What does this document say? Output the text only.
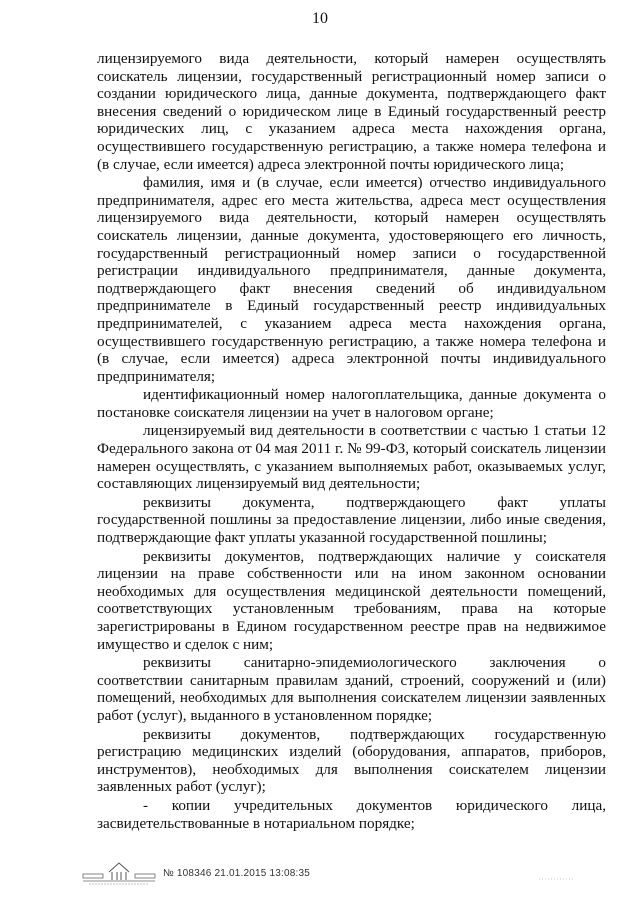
10

лицензируемого вида деятельности, который намерен осуществлять соискатель лицензии, государственный регистрационный номер записи о создании юридического лица, данные документа, подтверждающего факт внесения сведений о юридическом лице в Единый государственный реестр юридических лиц, с указанием адреса места нахождения органа, осуществившего государственную регистрацию, а также номера телефона и (в случае, если имеется) адреса электронной почты юридического лица;

фамилия, имя и (в случае, если имеется) отчество индивидуального предпринимателя, адрес его места жительства, адреса мест осуществления лицензируемого вида деятельности, который намерен осуществлять соискатель лицензии, данные документа, удостоверяющего его личность, государственный регистрационный номер записи о государственной регистрации индивидуального предпринимателя, данные документа, подтверждающего факт внесения сведений об индивидуальном предпринимателе в Единый государственный реестр индивидуальных предпринимателей, с указанием адреса места нахождения органа, осуществившего государственную регистрацию, а также номера телефона и (в случае, если имеется) адреса электронной почты индивидуального предпринимателя;

идентификационный номер налогоплательщика, данные документа о постановке соискателя лицензии на учет в налоговом органе;

лицензируемый вид деятельности в соответствии с частью 1 статьи 12 Федерального закона от 04 мая 2011 г. № 99-ФЗ, который соискатель лицензии намерен осуществлять, с указанием выполняемых работ, оказываемых услуг, составляющих лицензируемый вид деятельности;

реквизиты документа, подтверждающего факт уплаты государственной пошлины за предоставление лицензии, либо иные сведения, подтверждающие факт уплаты указанной государственной пошлины;

реквизиты документов, подтверждающих наличие у соискателя лицензии на праве собственности или на ином законном основании необходимых для осуществления медицинской деятельности помещений, соответствующих установленным требованиям, права на которые зарегистрированы в Едином государственном реестре прав на недвижимое имущество и сделок с ним;

реквизиты санитарно-эпидемиологического заключения о соответствии санитарным правилам зданий, строений, сооружений и (или) помещений, необходимых для выполнения соискателем лицензии заявленных работ (услуг), выданного в установленном порядке;

реквизиты документов, подтверждающих государственную регистрацию медицинских изделий (оборудования, аппаратов, приборов, инструментов), необходимых для выполнения соискателем лицензии заявленных работ (услуг);

- копии учредительных документов юридического лица, засвидетельствованные в нотариальном порядке;

№ 108346 21.01.2015 13:08:35
